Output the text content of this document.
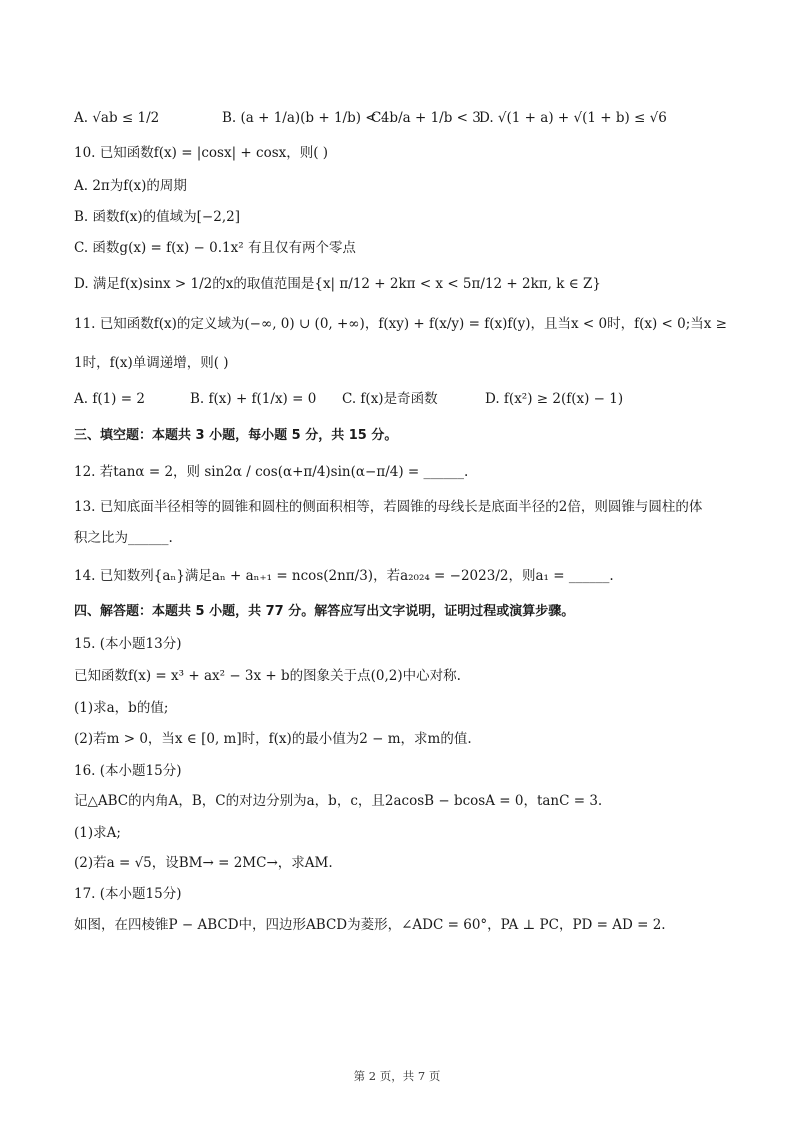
A. √ab ≤ 1/2	B. (a + 1/a)(b + 1/b) < 4
C. b/a + 1/b < 3
D. √(1 + a) + √(1 + b) ≤ √6
10. 已知函数f(x) = |cosx| + cosx，则( )
A. 2π为f(x)的周期
B. 函数f(x)的值域为[−2,2]
C. 函数g(x) = f(x) − 0.1x² 有且仅有两个零点
D. 满足f(x)sinx > 1/2的x的取值范围是{x| π/12 + 2kπ < x < 5π/12 + 2kπ, k ∈ Z}
11. 已知函数f(x)的定义域为(−∞, 0) ∪ (0, +∞)，f(xy) + f(x/y) = f(x)f(y)，且当x < 0时，f(x) < 0;当x ≥
1时，f(x)单调递增，则( )
A. f(1) = 2	B. f(x) + f(1/x) = 0 C. f(x)是奇函数	D. f(x²) ≥ 2(f(x) − 1)
三、填空题：本题共 3 小题，每小题 5 分，共 15 分。
12. 若tanα = 2，则 sin2α / cos(α+π/4)sin(α−π/4) = ______.
13. 已知底面半径相等的圆锥和圆柱的侧面积相等，若圆锥的母线长是底面半径的2倍，则圆锥与圆柱的体
积之比为______.
14. 已知数列{aₙ}满足aₙ + aₙ₊₁ = ncos(2nπ/3)，若a₂₀₂₄ = −2023/2，则a₁ = ______.
四、解答题：本题共 5 小题，共 77 分。解答应写出文字说明，证明过程或演算步骤。
15. (本小题13分)
已知函数f(x) = x³ + ax² − 3x + b的图象关于点(0,2)中心对称.
(1)求a，b的值;
(2)若m > 0，当x ∈ [0, m]时，f(x)的最小值为2 − m，求m的值.
16. (本小题15分)
记△ABC的内角A，B，C的对边分别为a，b，c，且2acosB − bcosA = 0，tanC = 3.
(1)求A;
(2)若a = √5，设BM→ = 2MC→，求AM.
17. (本小题15分)
如图，在四棱锥P − ABCD中，四边形ABCD为菱形，∠ADC = 60°，PA ⊥ PC，PD = AD = 2.
第 2 页，共 7 页
